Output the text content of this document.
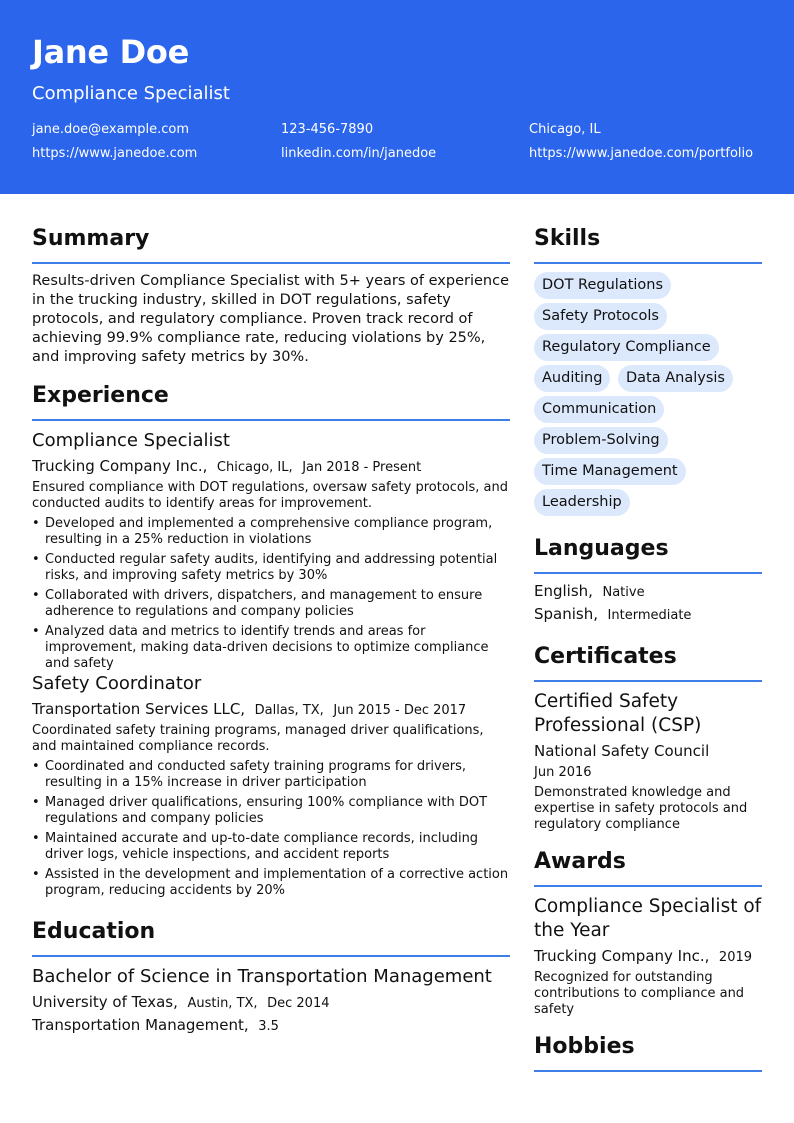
Jane Doe
Compliance Specialist
jane.doe@example.com	123-456-7890	Chicago, IL
https://www.janedoe.com	linkedin.com/in/janedoe	https://www.janedoe.com/portfolio
Summary
Results-driven Compliance Specialist with 5+ years of experience in the trucking industry, skilled in DOT regulations, safety protocols, and regulatory compliance. Proven track record of achieving 99.9% compliance rate, reducing violations by 25%, and improving safety metrics by 30%.
Experience
Compliance Specialist
Trucking Company Inc., Chicago, IL, Jan 2018 - Present
Ensured compliance with DOT regulations, oversaw safety protocols, and conducted audits to identify areas for improvement.
• Developed and implemented a comprehensive compliance program, resulting in a 25% reduction in violations
• Conducted regular safety audits, identifying and addressing potential risks, and improving safety metrics by 30%
• Collaborated with drivers, dispatchers, and management to ensure adherence to regulations and company policies
• Analyzed data and metrics to identify trends and areas for improvement, making data-driven decisions to optimize compliance and safety
Safety Coordinator
Transportation Services LLC, Dallas, TX, Jun 2015 - Dec 2017
Coordinated safety training programs, managed driver qualifications, and maintained compliance records.
• Coordinated and conducted safety training programs for drivers, resulting in a 15% increase in driver participation
• Managed driver qualifications, ensuring 100% compliance with DOT regulations and company policies
• Maintained accurate and up-to-date compliance records, including driver logs, vehicle inspections, and accident reports
• Assisted in the development and implementation of a corrective action program, reducing accidents by 20%
Education
Bachelor of Science in Transportation Management
University of Texas, Austin, TX, Dec 2014
Transportation Management, 3.5
Skills
DOT Regulations
Safety Protocols
Regulatory Compliance
Auditing	Data Analysis
Communication
Problem-Solving
Time Management
Leadership
Languages
English, Native
Spanish, Intermediate
Certificates
Certified Safety Professional (CSP)
National Safety Council
Jun 2016
Demonstrated knowledge and expertise in safety protocols and regulatory compliance
Awards
Compliance Specialist of the Year
Trucking Company Inc., 2019
Recognized for outstanding contributions to compliance and safety
Hobbies
